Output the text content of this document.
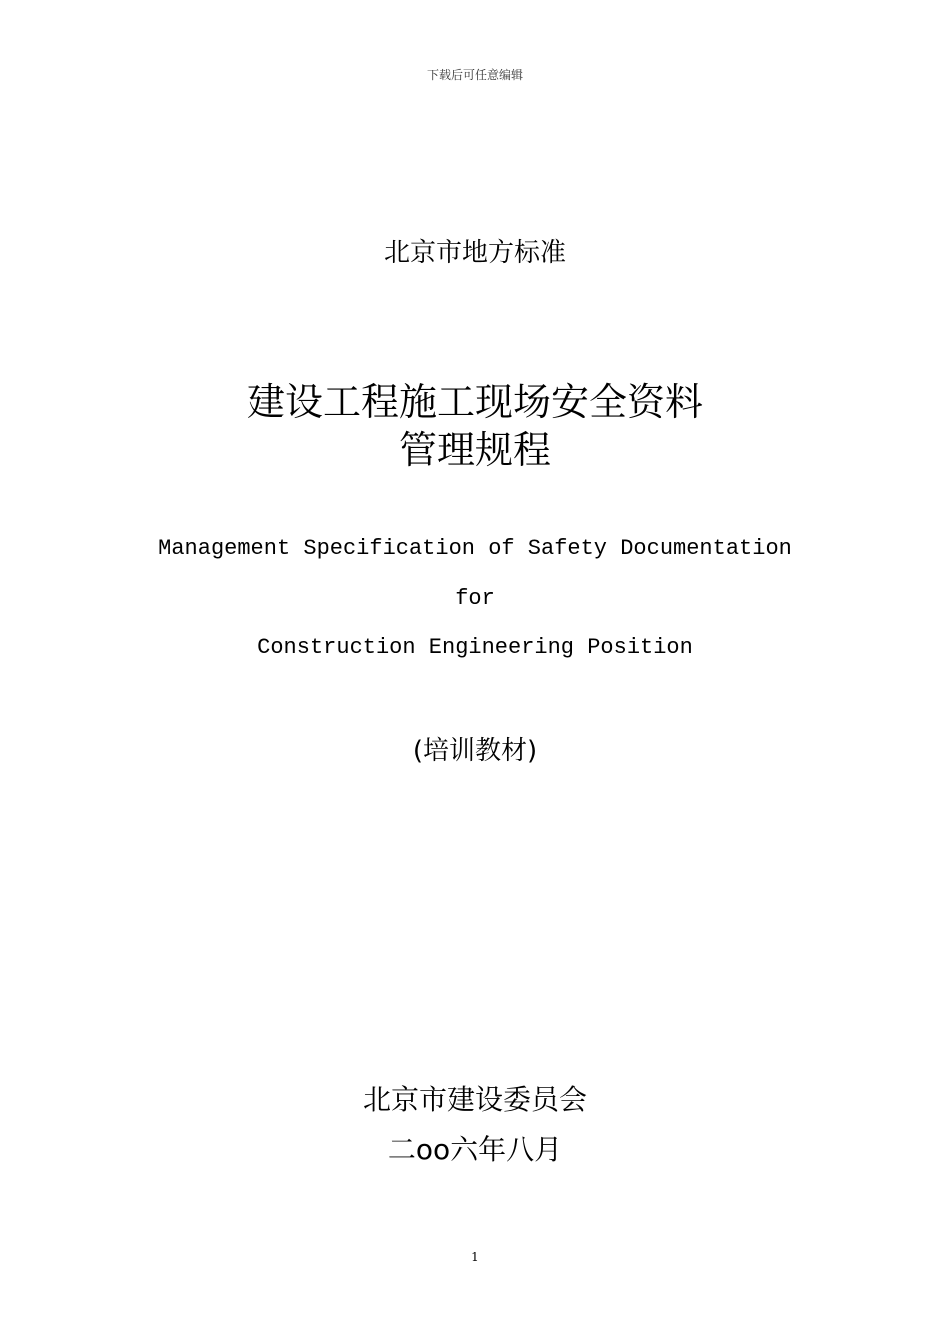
下载后可任意编辑
北京市地方标准
建设工程施工现场安全资料
管理规程
Management Specification of Safety Documentation
for
Construction Engineering Position
(培训教材)
北京市建设委员会
二oo六年八月
1
